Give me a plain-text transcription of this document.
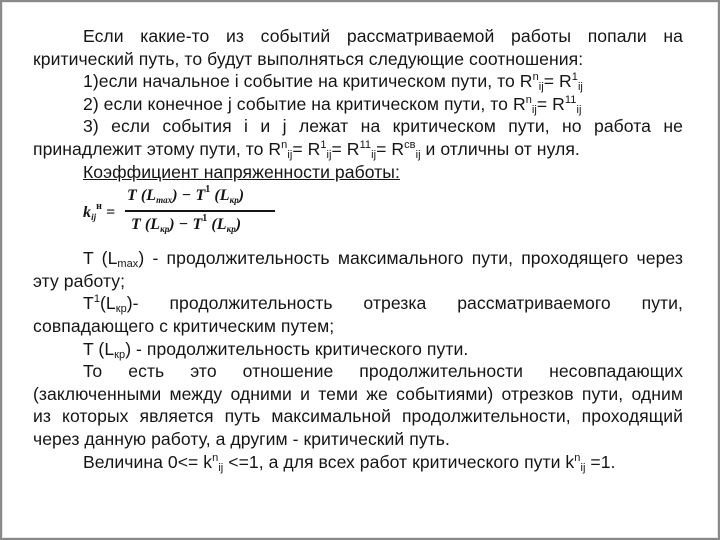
Если какие-то из событий рассматриваемой работы попали на
критический путь, то будут выполняться следующие соотношения:
1)если начальное i событие на критическом пути, то $R^n_{ij}= R^1_{ij}$
2) если конечное j событие на критическом пути, то $R^n_{ij}= R^{11}_{ij}$
3) если события i и j лежат на критическом пути, но работа не
принадлежит этому пути, то $R^n_{ij}= R^1_{ij}= R^{11}_{ij}= R^{св}_{ij}$ и отличны от нуля.
Коэффициент напряженности работы:
$k_{ij}^н$ =
T $(L_{max}) - T^1$ $(L_{кр})$
T $(L_{кр}) - T^1$ $(L_{кр})$
T $(L_{max})$ - продолжительность максимального пути, проходящего через
эту работу;
$T^1(L_{кр})-$ продолжительность отрезка рассматриваемого пути,
совпадающего с критическим путем;
T $(L_{кр})$ - продолжительность критического пути.
То есть это отношение продолжительности несовпадающих
(заключенными между одними и теми же событиями) отрезков пути, одним
из которых является путь максимальной продолжительности, проходящий
через данную работу, а другим - критический путь.
Величина $0<= k^n_{ij} <=1$, а для всех работ критического пути $k^n_{ij} =1$.
